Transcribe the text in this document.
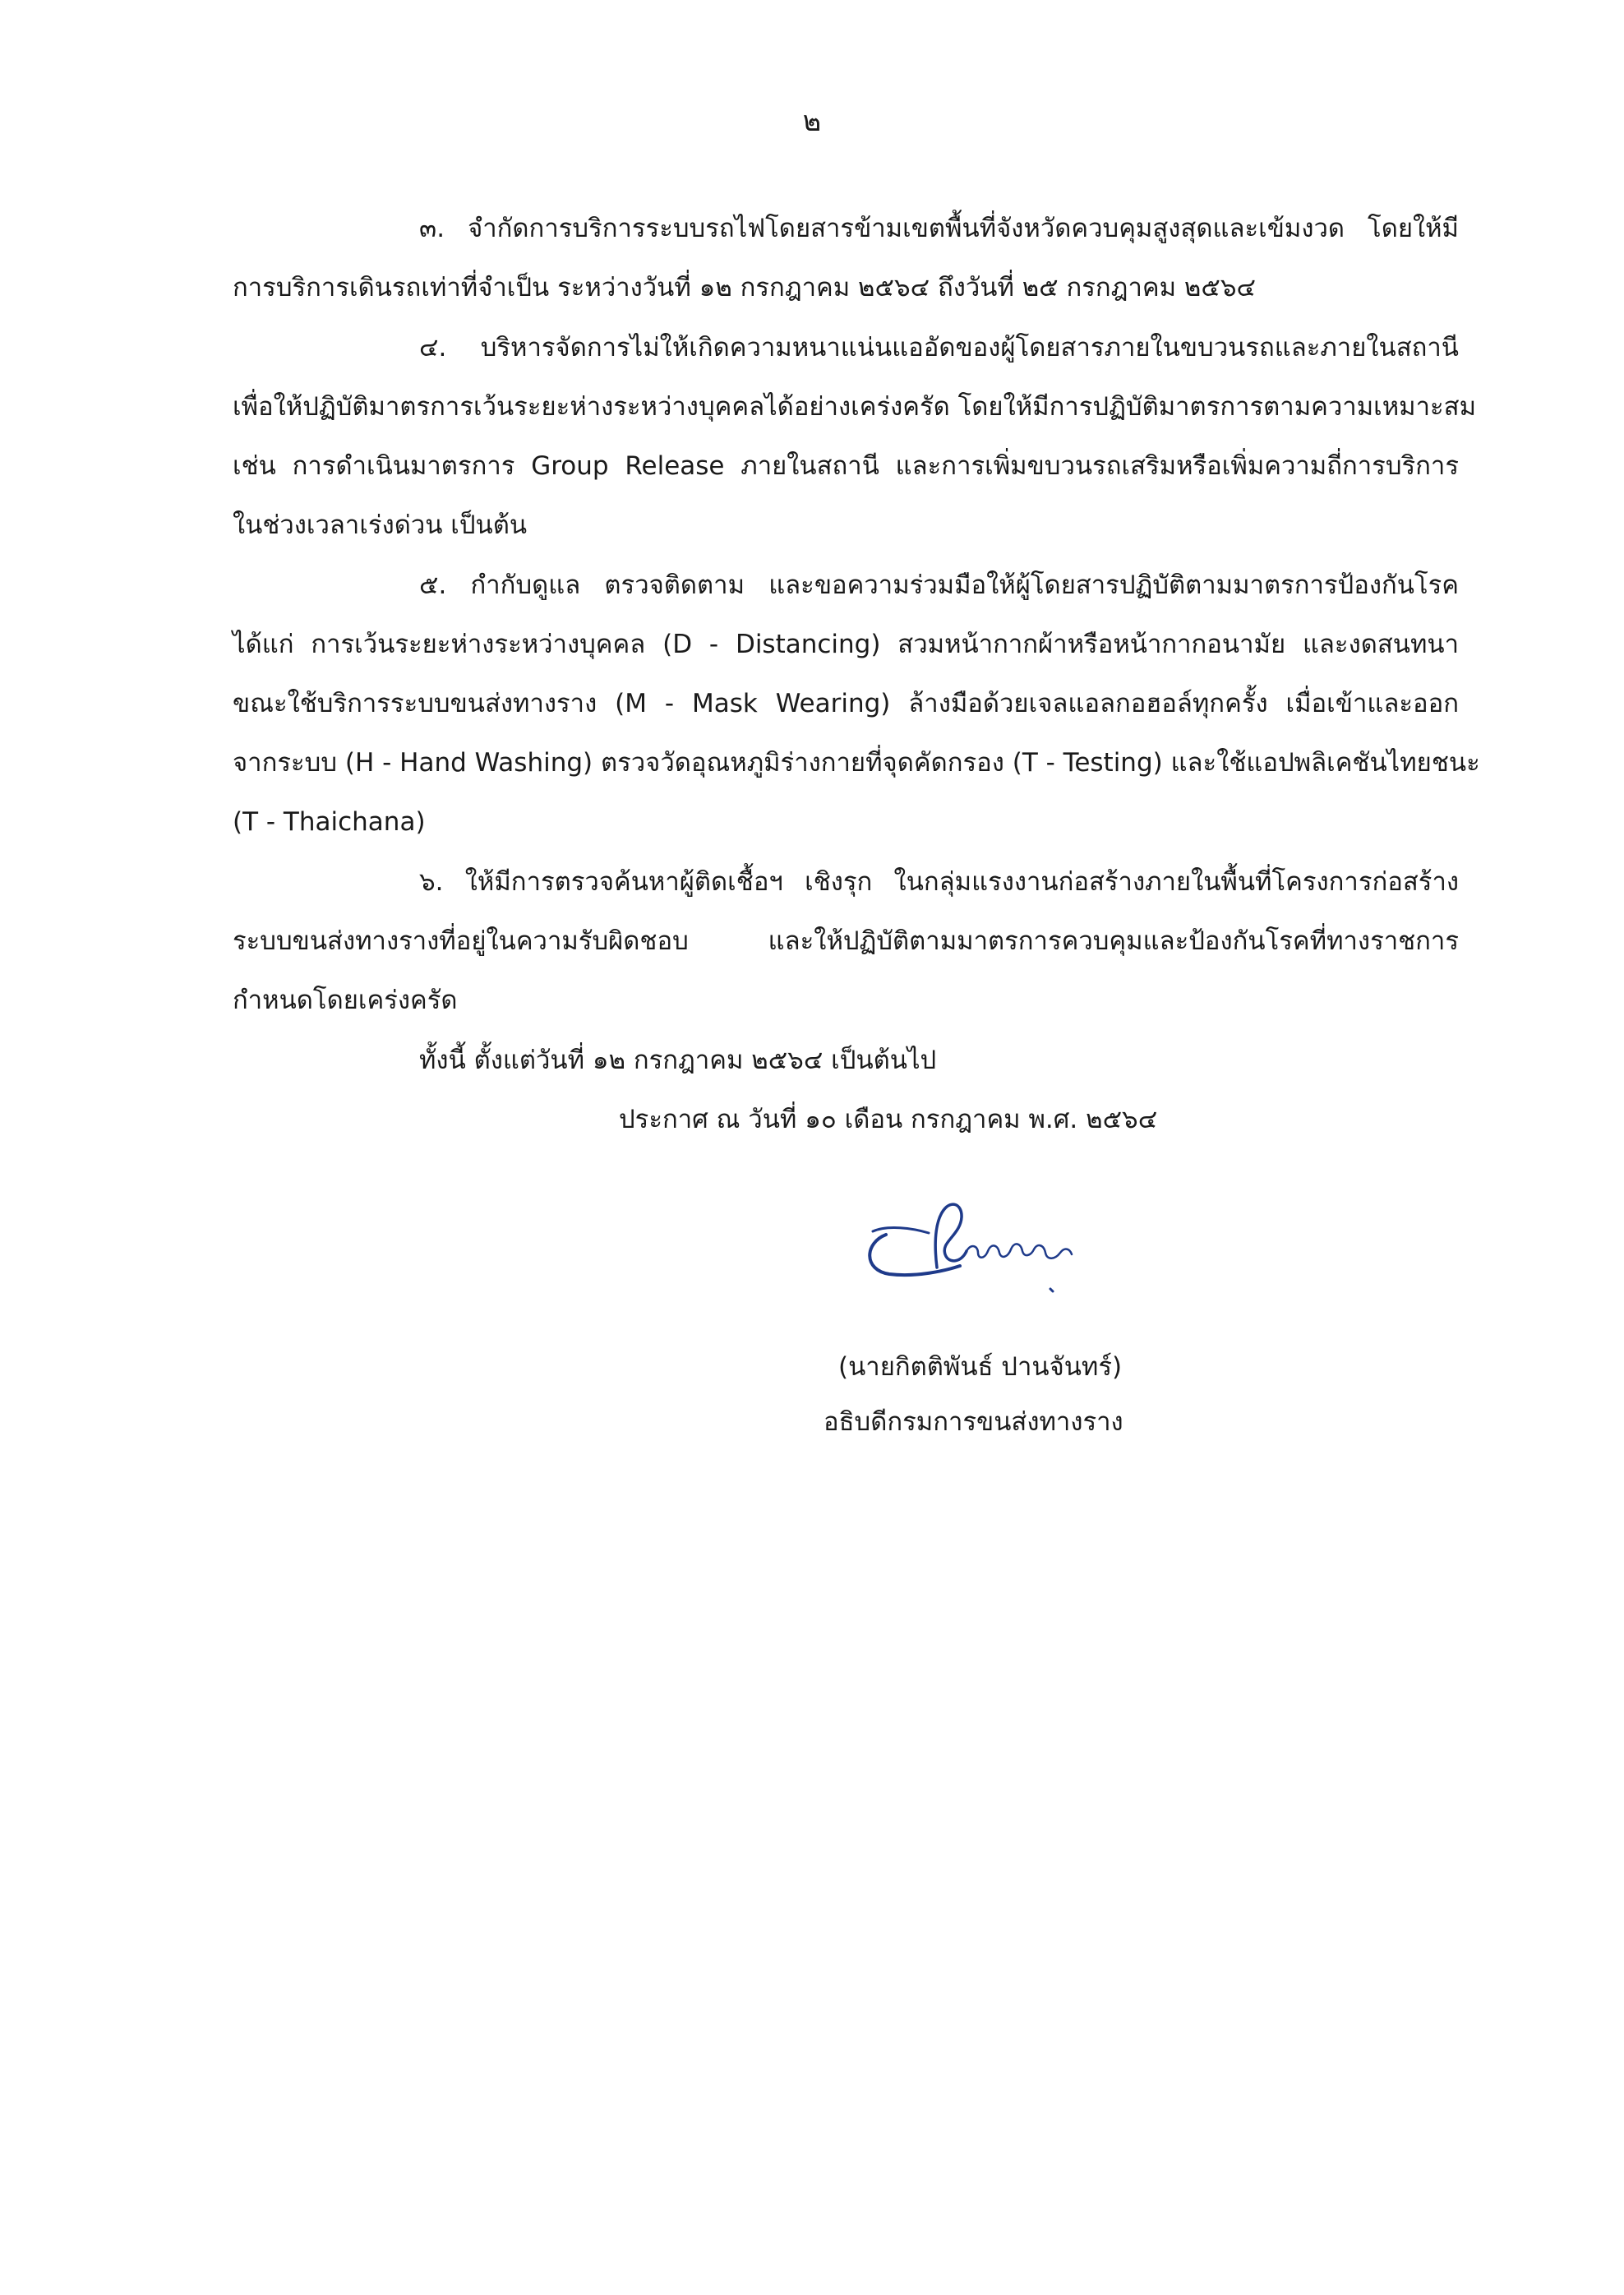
๒
๓. จำกัดการบริการระบบรถไฟโดยสารข้ามเขตพื้นที่จังหวัดควบคุมสูงสุดและเข้มงวด โดยให้มี
การบริการเดินรถเท่าที่จำเป็น ระหว่างวันที่ ๑๒ กรกฎาคม ๒๕๖๔ ถึงวันที่ ๒๕ กรกฎาคม ๒๕๖๔
๔. บริหารจัดการไม่ให้เกิดความหนาแน่นแออัดของผู้โดยสารภายในขบวนรถและภายในสถานี
เพื่อให้ปฏิบัติมาตรการเว้นระยะห่างระหว่างบุคคลได้อย่างเคร่งครัด โดยให้มีการปฏิบัติมาตรการตามความเหมาะสม
เช่น การดำเนินมาตรการ Group Release ภายในสถานี และการเพิ่มขบวนรถเสริมหรือเพิ่มความถี่การบริการ
ในช่วงเวลาเร่งด่วน เป็นต้น
๕. กำกับดูแล ตรวจติดตาม และขอความร่วมมือให้ผู้โดยสารปฏิบัติตามมาตรการป้องกันโรค
ได้แก่ การเว้นระยะห่างระหว่างบุคคล (D - Distancing) สวมหน้ากากผ้าหรือหน้ากากอนามัย และงดสนทนา
ขณะใช้บริการระบบขนส่งทางราง (M - Mask Wearing) ล้างมือด้วยเจลแอลกอฮอล์ทุกครั้ง เมื่อเข้าและออก
จากระบบ (H - Hand Washing) ตรวจวัดอุณหภูมิร่างกายที่จุดคัดกรอง (T - Testing) และใช้แอปพลิเคชันไทยชนะ
(T - Thaichana)
๖. ให้มีการตรวจค้นหาผู้ติดเชื้อฯ เชิงรุก ในกลุ่มแรงงานก่อสร้างภายในพื้นที่โครงการก่อสร้าง
ระบบขนส่งทางรางที่อยู่ในความรับผิดชอบ และให้ปฏิบัติตามมาตรการควบคุมและป้องกันโรคที่ทางราชการ
กำหนดโดยเคร่งครัด
ทั้งนี้ ตั้งแต่วันที่ ๑๒ กรกฎาคม ๒๕๖๔ เป็นต้นไป
ประกาศ ณ วันที่ ๑๐ เดือน กรกฎาคม พ.ศ. ๒๕๖๔
(นายกิตติพันธ์ ปานจันทร์)
อธิบดีกรมการขนส่งทางราง
